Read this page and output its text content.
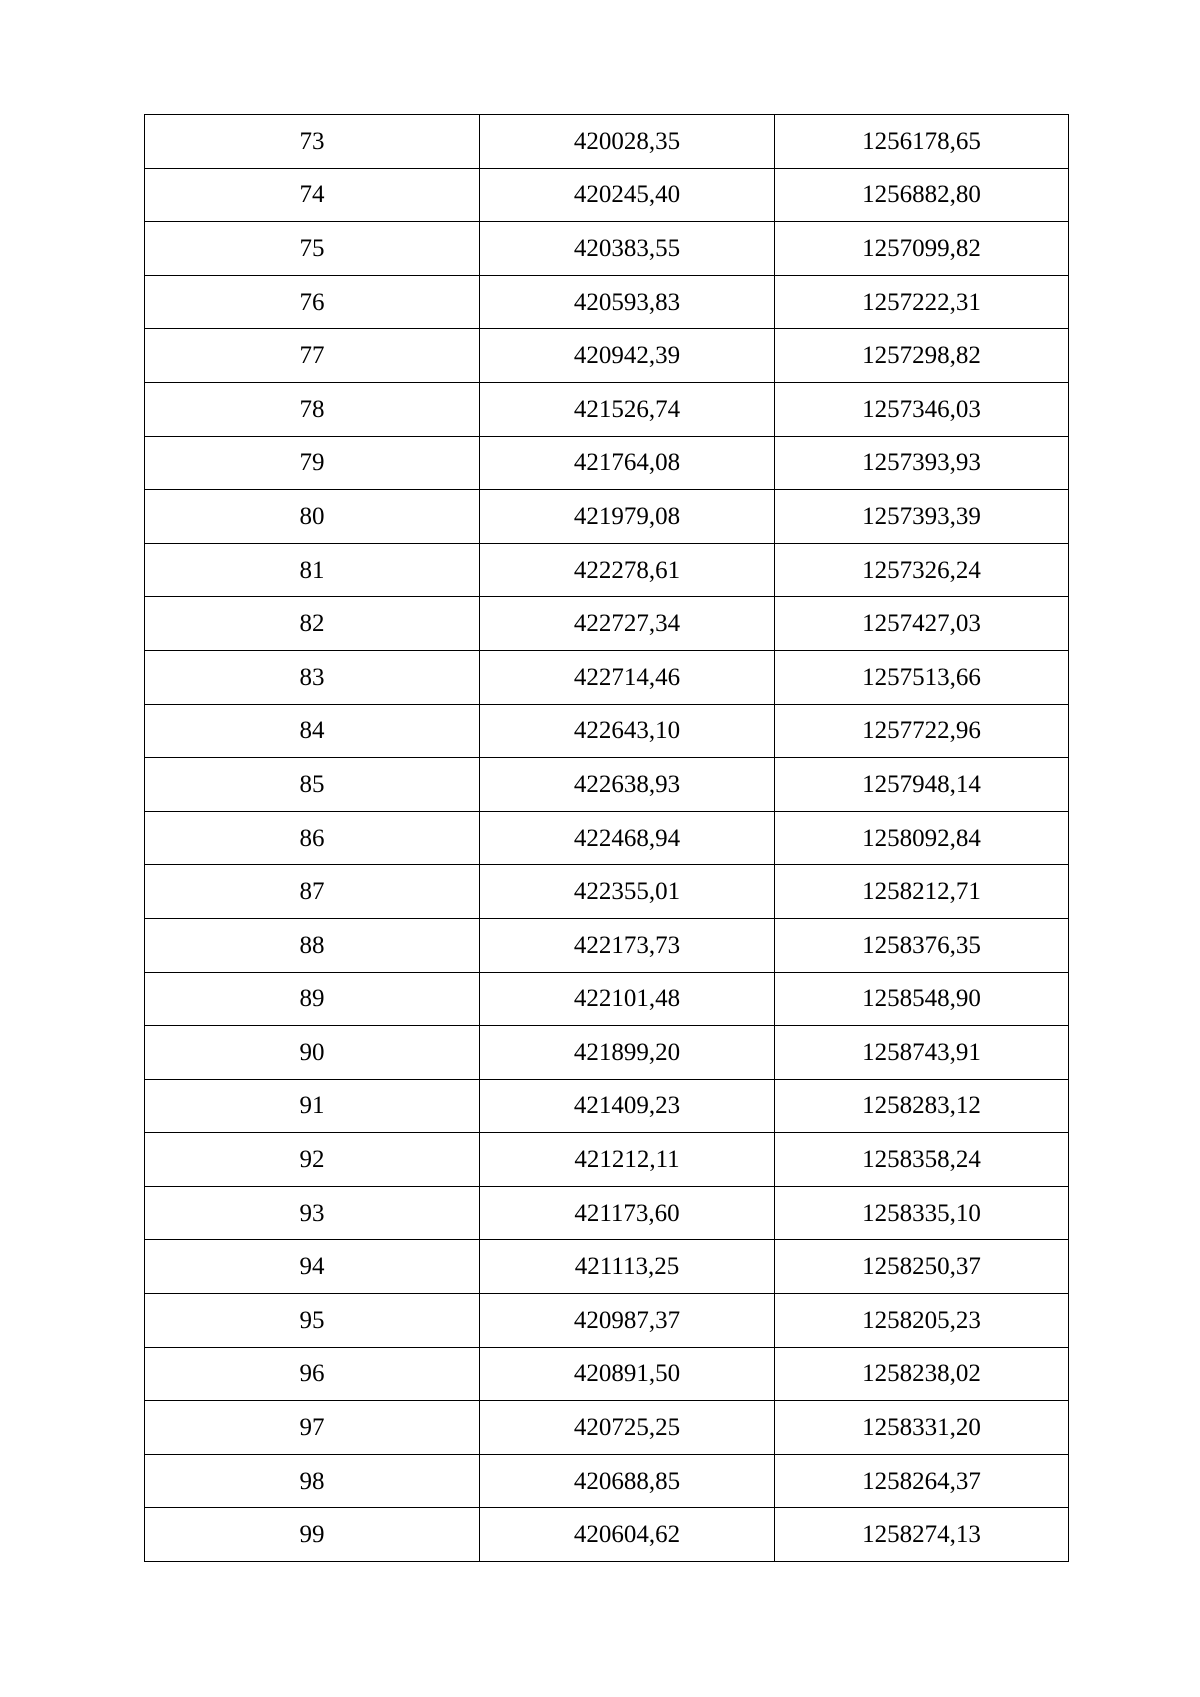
73	420028,35	1256178,65
74	420245,40	1256882,80
75	420383,55	1257099,82
76	420593,83	1257222,31
77	420942,39	1257298,82
78	421526,74	1257346,03
79	421764,08	1257393,93
80	421979,08	1257393,39
81	422278,61	1257326,24
82	422727,34	1257427,03
83	422714,46	1257513,66
84	422643,10	1257722,96
85	422638,93	1257948,14
86	422468,94	1258092,84
87	422355,01	1258212,71
88	422173,73	1258376,35
89	422101,48	1258548,90
90	421899,20	1258743,91
91	421409,23	1258283,12
92	421212,11	1258358,24
93	421173,60	1258335,10
94	421113,25	1258250,37
95	420987,37	1258205,23
96	420891,50	1258238,02
97	420725,25	1258331,20
98	420688,85	1258264,37
99	420604,62	1258274,13
